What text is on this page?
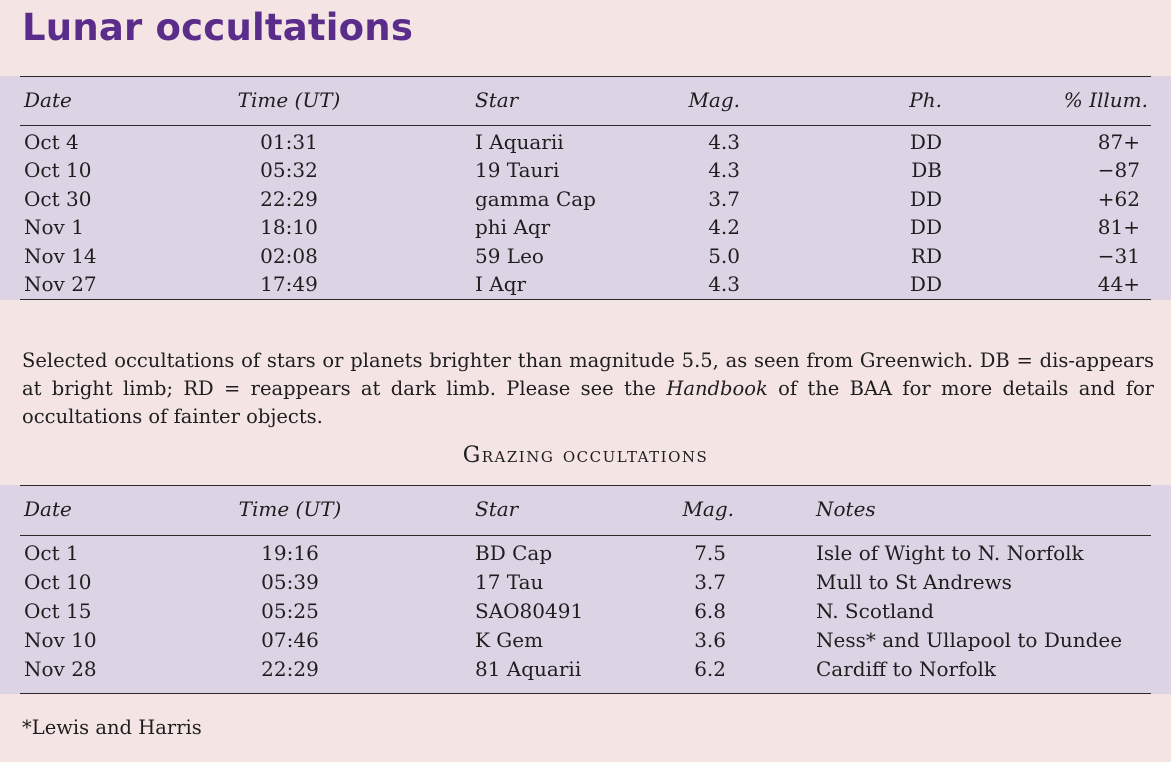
Lunar occultations
Date	Time (UT)	Star	Mag.	Ph.	% Illum.
Oct 4	01:31	I Aquarii	4.3	DD	87+
Oct 10	05:32	19 Tauri	4.3	DB	−87
Oct 30	22:29	gamma Cap	3.7	DD	+62
Nov 1	18:10	phi Aqr	4.2	DD	81+
Nov 14	02:08	59 Leo	5.0	RD	−31
Nov 27	17:49	I Aqr	4.3	DD	44+
Selected occultations of stars or planets brighter than magnitude 5.5, as seen from Greenwich. DB = dis-appears at bright limb; RD = reappears at dark limb. Please see the Handbook of the BAA for more details and for occultations of fainter objects.
Grazing occultations
Date	Time (UT)	Star	Mag.	Notes
Oct 1	19:16	BD Cap	7.5	Isle of Wight to N. Norfolk
Oct 10	05:39	17 Tau	3.7	Mull to St Andrews
Oct 15	05:25	SAO80491	6.8	N. Scotland
Nov 10	07:46	K Gem	3.6	Ness* and Ullapool to Dundee
Nov 28	22:29	81 Aquarii	6.2	Cardiff to Norfolk
*Lewis and Harris
